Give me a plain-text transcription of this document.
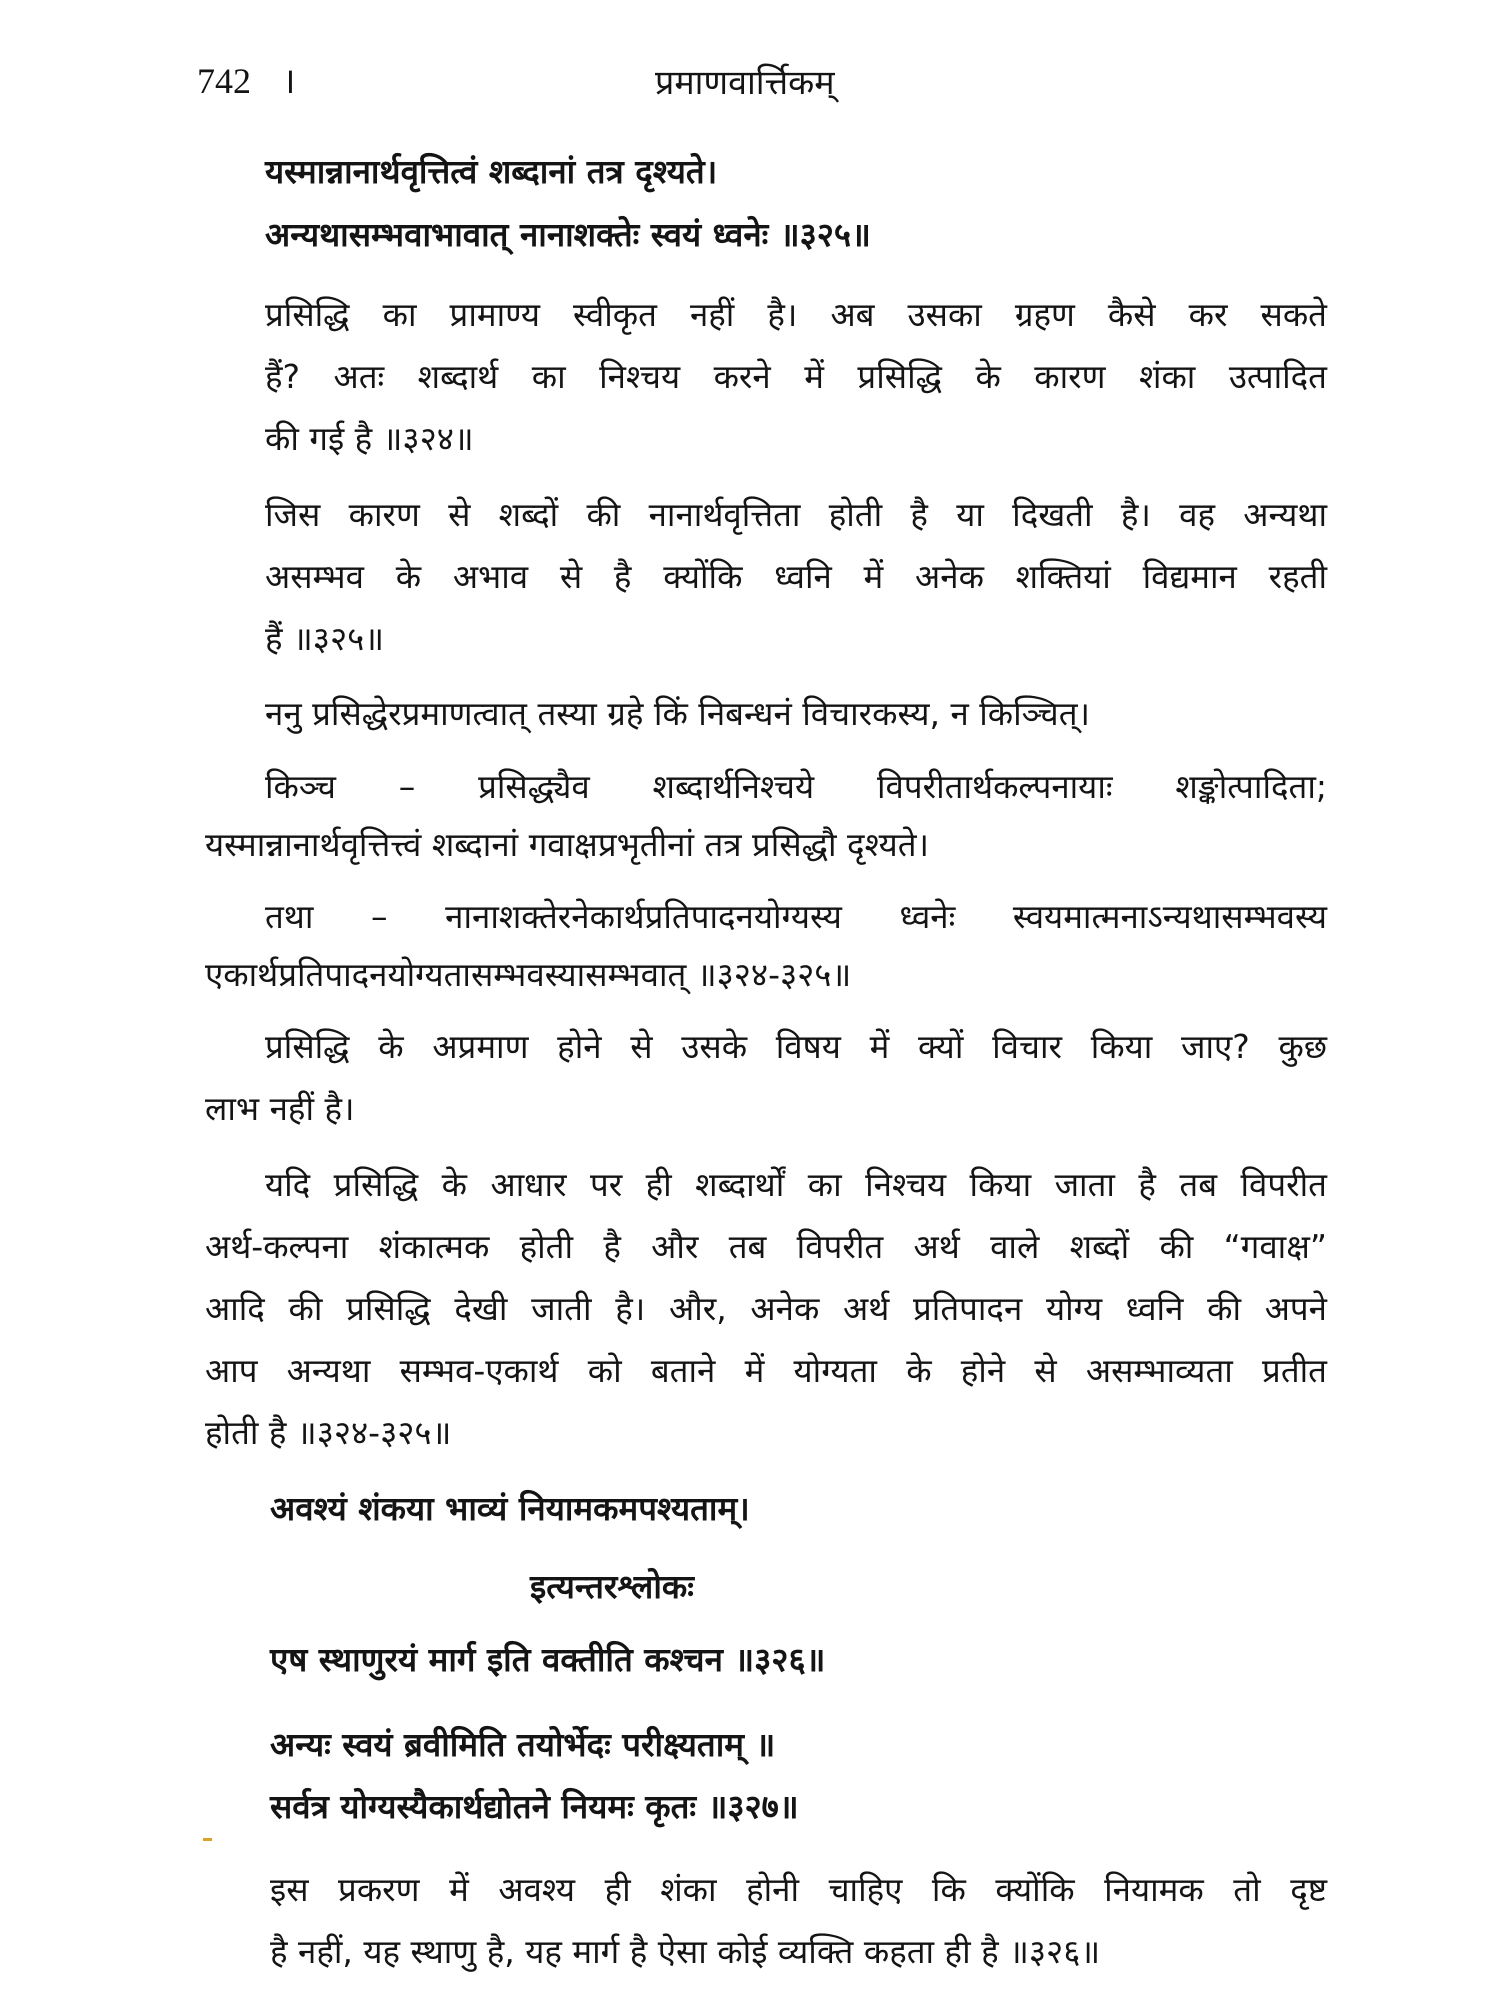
742 ।	प्रमाणवार्त्तिकम्
यस्मान्नानार्थवृत्तित्वं शब्दानां तत्र दृश्यते।
अन्यथासम्भवाभावात् नानाशक्तेः स्वयं ध्वनेः ॥३२५॥
प्रसिद्धि का प्रामाण्य स्वीकृत नहीं है। अब उसका ग्रहण कैसे कर सकते
हैं? अतः शब्दार्थ का निश्चय करने में प्रसिद्धि के कारण शंका उत्पादित
की गई है ॥३२४॥
जिस कारण से शब्दों की नानार्थवृत्तिता होती है या दिखती है। वह अन्यथा
असम्भव के अभाव से है क्योंकि ध्वनि में अनेक शक्तियां विद्यमान रहती
हैं ॥३२५॥
ननु प्रसिद्धेरप्रमाणत्वात् तस्या ग्रहे किं निबन्धनं विचारकस्य, न किञ्चित्।
किञ्च – प्रसिद्ध्यैव शब्दार्थनिश्चये विपरीतार्थकल्पनायाः शङ्कोत्पादिता;
यस्मान्नानार्थवृत्तित्त्वं शब्दानां गवाक्षप्रभृतीनां तत्र प्रसिद्धौ दृश्यते।
तथा – नानाशक्तेरनेकार्थप्रतिपादनयोग्यस्य ध्वनेः स्वयमात्मनाऽन्यथासम्भवस्य
एकार्थप्रतिपादनयोग्यतासम्भवस्यासम्भवात् ॥३२४-३२५॥
प्रसिद्धि के अप्रमाण होने से उसके विषय में क्यों विचार किया जाए? कुछ
लाभ नहीं है।
यदि प्रसिद्धि के आधार पर ही शब्दार्थों का निश्चय किया जाता है तब विपरीत
अर्थ-कल्पना शंकात्मक होती है और तब विपरीत अर्थ वाले शब्दों की “गवाक्ष”
आदि की प्रसिद्धि देखी जाती है। और, अनेक अर्थ प्रतिपादन योग्य ध्वनि की अपने
आप अन्यथा सम्भव-एकार्थ को बताने में योग्यता के होने से असम्भाव्यता प्रतीत
होती है ॥३२४-३२५॥
अवश्यं शंकया भाव्यं नियामकमपश्यताम्।
इत्यन्तरश्लोकः
एष स्थाणुरयं मार्ग इति वक्तीति कश्चन ॥३२६॥
अन्यः स्वयं ब्रवीमिति तयोर्भेदः परीक्ष्यताम् ॥
सर्वत्र योग्यस्यैकार्थद्योतने नियमः कृतः ॥३२७॥
इस प्रकरण में अवश्य ही शंका होनी चाहिए कि क्योंकि नियामक तो दृष्ट
है नहीं, यह स्थाणु है, यह मार्ग है ऐसा कोई व्यक्ति कहता ही है ॥३२६॥
